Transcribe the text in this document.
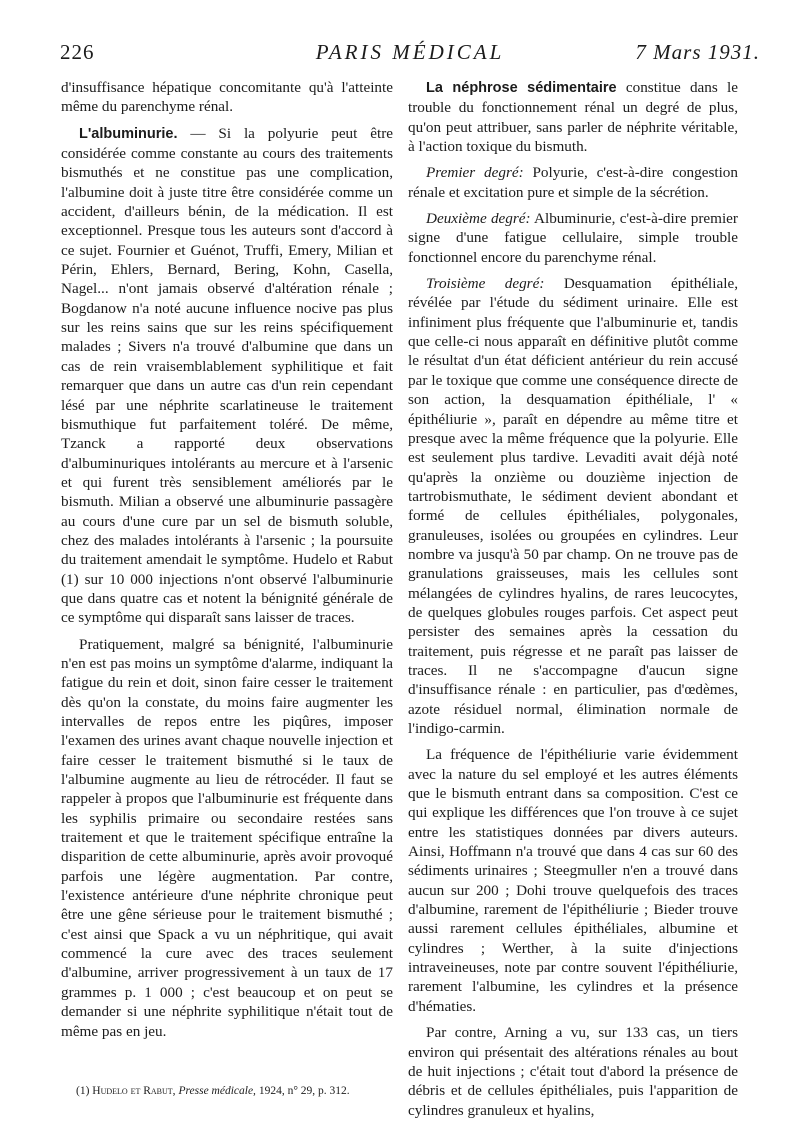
226	PARIS MÉDICAL	7 Mars 1931.

d'insuffisance hépatique concomitante qu'à l'atteinte même du parenchyme rénal.

L'albuminurie. — Si la polyurie peut être considérée comme constante au cours des traitements bismuthés et ne constitue pas une complication, l'albumine doit à juste titre être considérée comme un accident, d'ailleurs bénin, de la médication. Il est exceptionnel. Presque tous les auteurs sont d'accord à ce sujet. Fournier et Guénot, Truffi, Emery, Milian et Périn, Ehlers, Bernard, Bering, Kohn, Casella, Nagel... n'ont jamais observé d'altération rénale ; Bogdanow n'a noté aucune influence nocive pas plus sur les reins sains que sur les reins spécifiquement malades ; Sivers n'a trouvé d'albumine que dans un cas de rein vraisemblablement syphilitique et fait remarquer que dans un autre cas d'un rein cependant lésé par une néphrite scarlatineuse le traitement bismuthique fut parfaitement toléré. De même, Tzanck a rapporté deux observations d'albuminuriques intolérants au mercure et à l'arsenic et qui furent très sensiblement améliorés par le bismuth. Milian a observé une albuminurie passagère au cours d'une cure par un sel de bismuth soluble, chez des malades intolérants à l'arsenic ; la poursuite du traitement amendait le symptôme. Hudelo et Rabut (1) sur 10 000 injections n'ont observé l'albuminurie que dans quatre cas et notent la bénignité générale de ce symptôme qui disparaît sans laisser de traces.

Pratiquement, malgré sa bénignité, l'albuminurie n'en est pas moins un symptôme d'alarme, indiquant la fatigue du rein et doit, sinon faire cesser le traitement dès qu'on la constate, du moins faire augmenter les intervalles de repos entre les piqûres, imposer l'examen des urines avant chaque nouvelle injection et faire cesser le traitement bismuthé si le taux de l'albumine augmente au lieu de rétrocéder. Il faut se rappeler à propos que l'albuminurie est fréquente dans les syphilis primaire ou secondaire restées sans traitement et que le traitement spécifique entraîne la disparition de cette albuminurie, après avoir provoqué parfois une légère augmentation. Par contre, l'existence antérieure d'une néphrite chronique peut être une gêne sérieuse pour le traitement bismuthé ; c'est ainsi que Spack a vu un néphritique, qui avait commencé la cure avec des traces seulement d'albumine, arriver progressivement à un taux de 17 grammes p. 1 000 ; c'est beaucoup et on peut se demander si une néphrite syphilitique n'était tout de même pas en jeu.

La néphrose sédimentaire constitue dans le trouble du fonctionnement rénal un degré de plus, qu'on peut attribuer, sans parler de néphrite véritable, à l'action toxique du bismuth.

Premier degré: Polyurie, c'est-à-dire congestion rénale et excitation pure et simple de la sécrétion.

Deuxième degré: Albuminurie, c'est-à-dire premier signe d'une fatigue cellulaire, simple trouble fonctionnel encore du parenchyme rénal.

Troisième degré: Desquamation épithéliale, révélée par l'étude du sédiment urinaire. Elle est infiniment plus fréquente que l'albuminurie et, tandis que celle-ci nous apparaît en définitive plutôt comme le résultat d'un état déficient antérieur du rein accusé par le toxique que comme une conséquence directe de son action, la desquamation épithéliale, l' « épithéliurie », paraît en dépendre au même titre et presque avec la même fréquence que la polyurie. Elle est seulement plus tardive. Levaditi avait déjà noté qu'après la onzième ou douzième injection de tartrobismuthate, le sédiment devient abondant et formé de cellules épithéliales, polygonales, granuleuses, isolées ou groupées en cylindres. Leur nombre va jusqu'à 50 par champ. On ne trouve pas de granulations graisseuses, mais les cellules sont mélangées de cylindres hyalins, de rares leucocytes, de quelques globules rouges parfois. Cet aspect peut persister des semaines après la cessation du traitement, puis régresse et ne paraît pas laisser de traces. Il ne s'accompagne d'aucun signe d'insuffisance rénale : en particulier, pas d'œdèmes, azote résiduel normal, élimination normale de l'indigo-carmin.

La fréquence de l'épithéliurie varie évidemment avec la nature du sel employé et les autres éléments que le bismuth entrant dans sa composition. C'est ce qui explique les différences que l'on trouve à ce sujet entre les statistiques données par divers auteurs. Ainsi, Hoffmann n'a trouvé que dans 4 cas sur 60 des sédiments urinaires ; Steegmuller n'en a trouvé dans aucun sur 200 ; Dohi trouve quelquefois des traces d'albumine, rarement de l'épithéliurie ; Bieder trouve aussi rarement cellules épithéliales, albumine et cylindres ; Werther, à la suite d'injections intraveineuses, note par contre souvent l'épithéliurie, rarement l'albumine, les cylindres et la présence d'hématies.

Par contre, Arning a vu, sur 133 cas, un tiers environ qui présentait des altérations rénales au bout de huit injections ; c'était tout d'abord la présence de débris et de cellules épithéliales, puis l'apparition de cylindres granuleux et hyalins,

(1) Hudelo et Rabut, Presse médicale, 1924, n° 29, p. 312.
